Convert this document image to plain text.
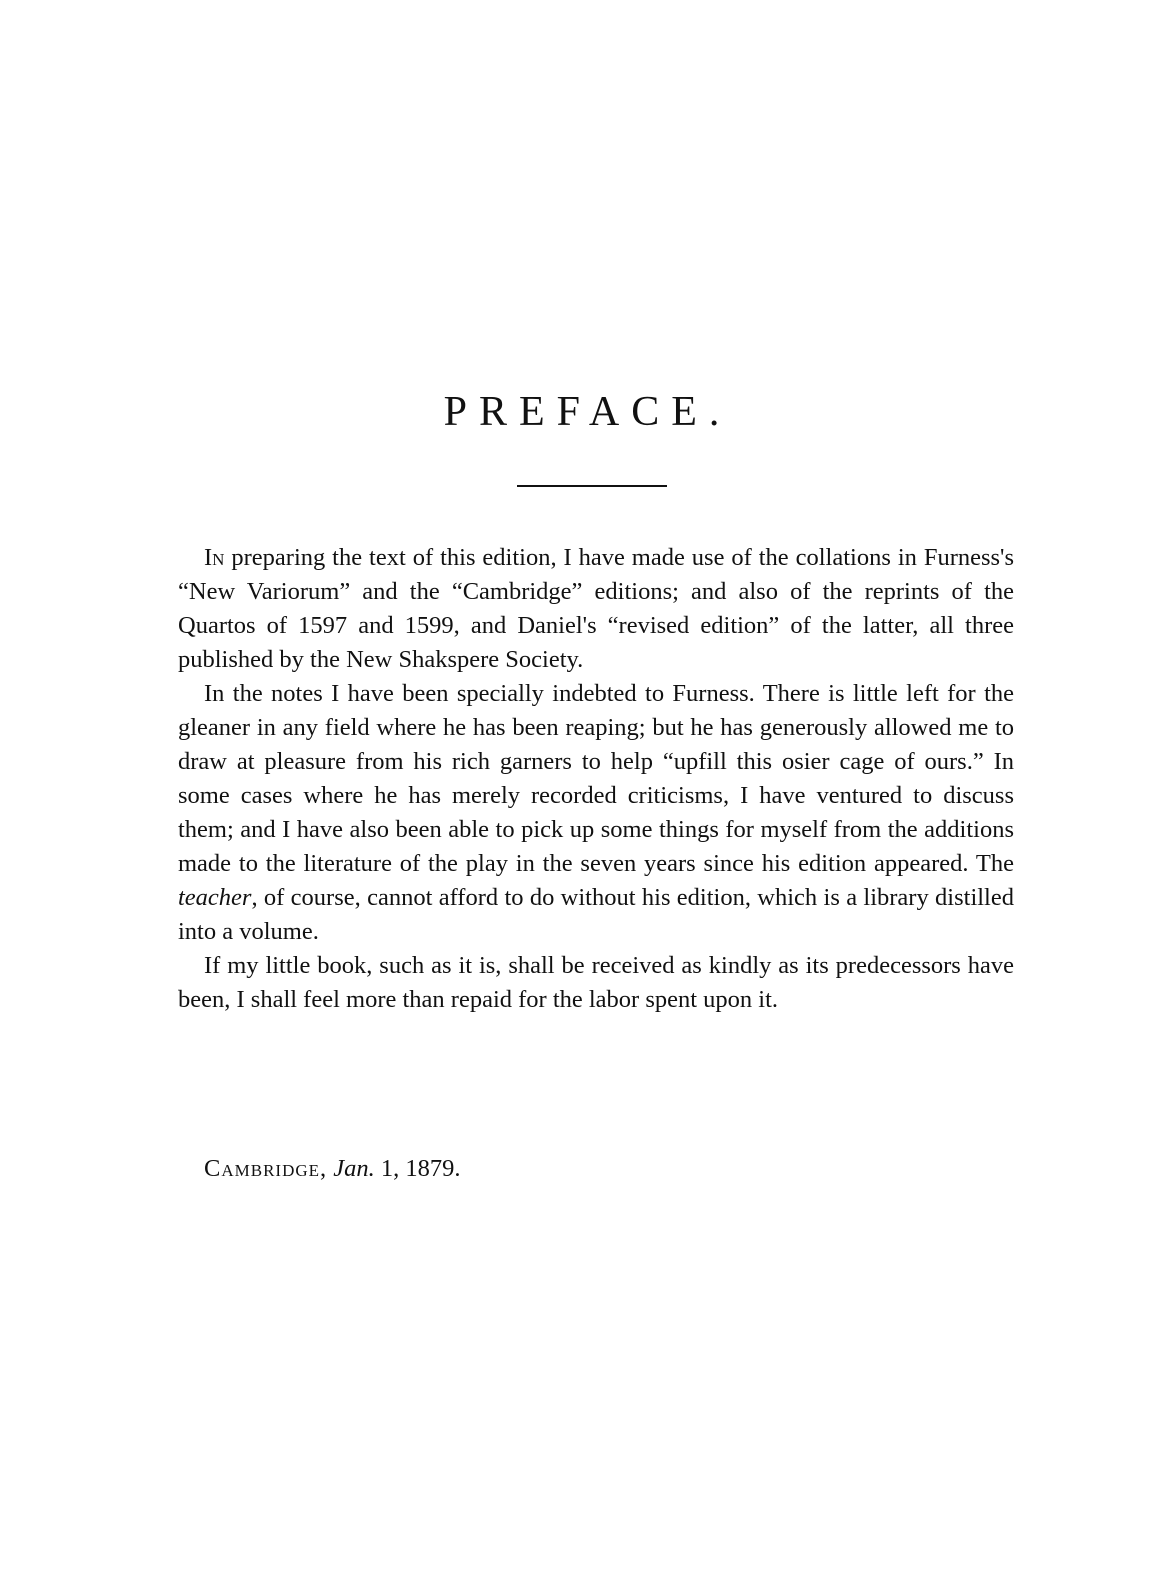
PREFACE.

In preparing the text of this edition, I have made use of the collations in Furness's “New Variorum” and the “Cambridge” editions; and also of the reprints of the Quartos of 1597 and 1599, and Daniel's “revised edition” of the latter, all three published by the New Shakspere Society.

In the notes I have been specially indebted to Furness. There is little left for the gleaner in any field where he has been reaping; but he has generously allowed me to draw at pleasure from his rich garners to help “upfill this osier cage of ours.” In some cases where he has merely recorded criticisms, I have ventured to discuss them; and I have also been able to pick up some things for myself from the additions made to the literature of the play in the seven years since his edition appeared. The teacher, of course, cannot afford to do without his edition, which is a library distilled into a volume.

If my little book, such as it is, shall be received as kindly as its predecessors have been, I shall feel more than repaid for the labor spent upon it.

Cambridge, Jan. 1, 1879.
